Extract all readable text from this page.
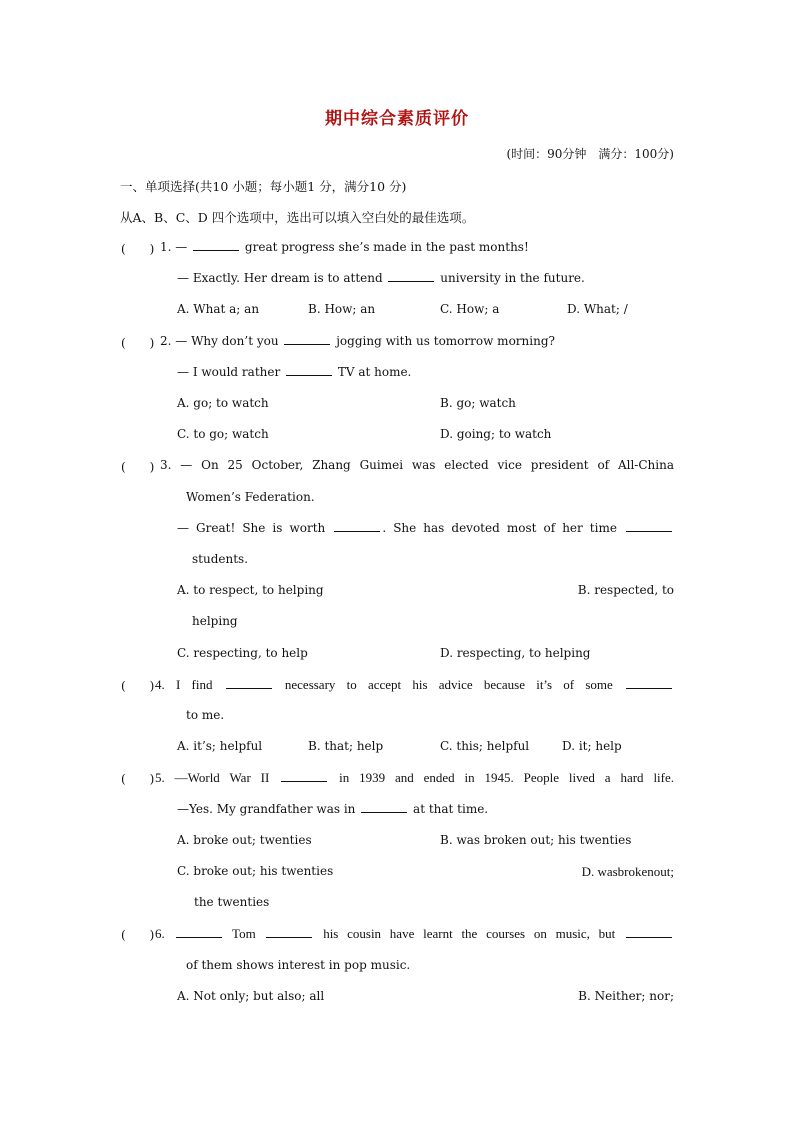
期中综合素质评价
(时间：90分钟　满分：100分)
一、单项选择(共10 小题；每小题1 分，满分10 分)
从A、B、C、D 四个选项中，选出可以填入空白处的最佳选项。
(　　) 1. —	great progress she’s made in the past months!
— Exactly. Her dream is to attend	university in the future.
A. What a; an	B. How; an	C. How; a	D. What; /
(　　) 2. — Why don’t you	jogging with us tomorrow morning?
— I would rather	TV at home.
A. go; to watch	B. go; watch
C. to go; watch	D. going; to watch
(　　) 3. — On 25 October, Zhang Guimei was elected vice president of All-China
Women’s Federation.
— Great! She is worth	. She has devoted most of her time
students.
A. to respect, to helping	B. respected, to
helping
C. respecting, to help	D. respecting, to helping
(　　) 4. I find	necessary to accept his advice because it’s of some
to me.
A. it’s; helpful	B. that; help	C. this; helpful	D. it; help
(　　) 5. —World War II	in 1939 and ended in 1945. People lived a hard life.
—Yes. My grandfather was in	at that time.
A. broke out; twenties	B. was broken out; his twenties
C. broke out; his twenties	D. wasbrokenout;
the twenties
(　　) 6.	Tom	his cousin have learnt the courses on music, but
of them shows interest in pop music.
A. Not only; but also; all	B. Neither; nor;
